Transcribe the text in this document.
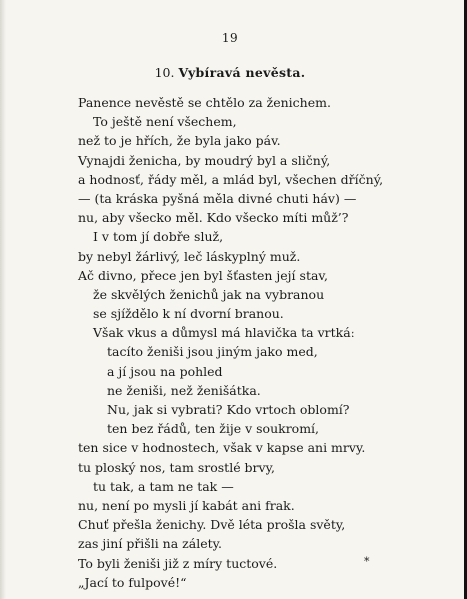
19
10. Vybíravá nevěsta.
Panence nevěstě se chtělo za ženichem.
To ještě není všechem,
než to je hřích, že byla jako páv.
Vynajdi ženicha, by moudrý byl a sličný,
a hodnosť, řády měl, a mlád byl, všechen dříčný,
— (ta kráska pyšná měla divné chuti háv) —
nu, aby všecko měl. Kdo všecko míti můž’?
I v tom jí dobře služ,
by nebyl žárlivý, leč láskyplný muž.
Ač divno, přece jen byl šťasten její stav,
že skvělých ženichů jak na vybranou
se sjíždělo k ní dvorní branou.
Však vkus a důmysl má hlavička ta vrtkáː
tacíto ženiši jsou jiným jako med,
a jí jsou na pohled
ne ženiši, než ženišátka.
Nu, jak si vybrati? Kdo vrtoch oblomí?
ten bez řádů, ten žije v soukromí,
ten sice v hodnostech, však v kapse ani mrvy.
tu ploský nos, tam srostlé brvy,
tu tak, a tam ne tak —
nu, není po mysli jí kabát ani frak.
Chuť přešla ženichy. Dvě léta prošla světy,
zas jiní přišli na zálety.
To byli ženiši již z míry tuctové.
„Jací to fulpové!“
*
